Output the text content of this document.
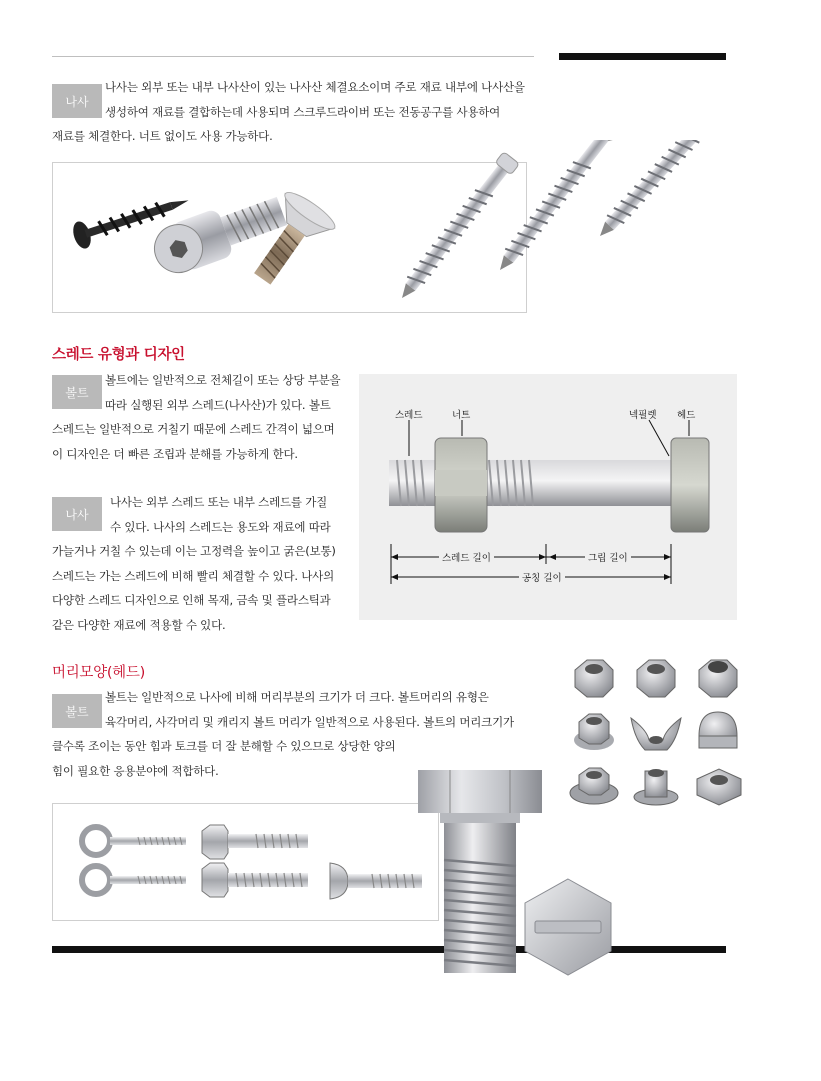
나사
나사는 외부 또는 내부 나사산이 있는 나사산 체결요소이며 주로 재료 내부에 나사산을
생성하여 재료를 결합하는데 사용되며 스크루드라이버 또는 전동공구를 사용하여
재료를 체결한다. 너트 없이도 사용 가능하다.
스레드 유형과 디자인
볼트
볼트에는 일반적으로 전체길이 또는 상당 부분을
따라 실행된 외부 스레드(나사산)가 있다. 볼트
스레드는 일반적으로 거칠기 때문에 스레드 간격이 넓으며
이 디자인은 더 빠른 조립과 분해를 가능하게 한다.
나사
나사는 외부 스레드 또는 내부 스레드를 가질
수 있다. 나사의 스레드는 용도와 재료에 따라
가늘거나 거칠 수 있는데 이는 고정력을 높이고 굵은(보통)
스레드는 가는 스레드에 비해 빨리 체결할 수 있다. 나사의
다양한 스레드 디자인으로 인해 목재, 금속 및 플라스틱과
같은 다양한 재료에 적용할 수 있다.
스레드	너트	넥필렛 헤드
스레드 길이	그립 길이
공칭 길이
머리모양(헤드)
볼트
볼트는 일반적으로 나사에 비해 머리부분의 크기가 더 크다. 볼트머리의 유형은
육각머리, 사각머리 및 캐리지 볼트 머리가 일반적으로 사용된다. 볼트의 머리크기가
클수록 조이는 동안 힘과 토크를 더 잘 분해할 수 있으므로 상당한 양의
힘이 필요한 응용분야에 적합하다.
